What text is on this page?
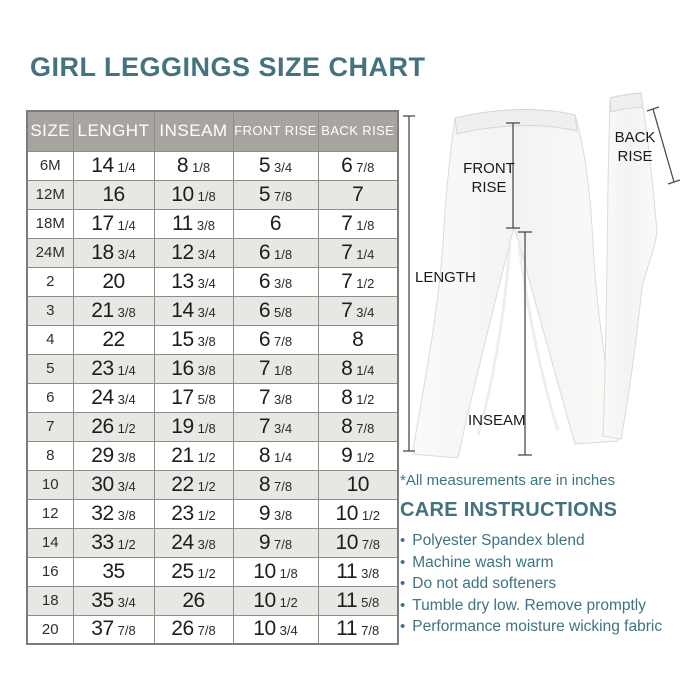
GIRL LEGGINGS SIZE CHART
SIZE	LENGHT	INSEAM	FRONT RISE	BACK RISE
6M	14 1/4	8 1/8	5 3/4	6 7/8
12M	16	10 1/8	5 7/8	7
18M	17 1/4	11 3/8	6	7 1/8
24M	18 3/4	12 3/4	6 1/8	7 1/4
2	20	13 3/4	6 3/8	7 1/2
3	21 3/8	14 3/4	6 5/8	7 3/4
4	22	15 3/8	6 7/8	8
5	23 1/4	16 3/8	7 1/8	8 1/4
6	24 3/4	17 5/8	7 3/8	8 1/2
7	26 1/2	19 1/8	7 3/4	8 7/8
8	29 3/8	21 1/2	8 1/4	9 1/2
10	30 3/4	22 1/2	8 7/8	10
12	32 3/8	23 1/2	9 3/8	10 1/2
14	33 1/2	24 3/8	9 7/8	10 7/8
16	35	25 1/2	10 1/8	11 3/8
18	35 3/4	26	10 1/2	11 5/8
20	37 7/8	26 7/8	10 3/4	11 7/8
FRONT RISE
BACK RISE
LENGTH
INSEAM
*All measurements are in inches
CARE INSTRUCTIONS
• Polyester Spandex blend
• Machine wash warm
• Do not add softeners
• Tumble dry low. Remove promptly
• Performance moisture wicking fabric
